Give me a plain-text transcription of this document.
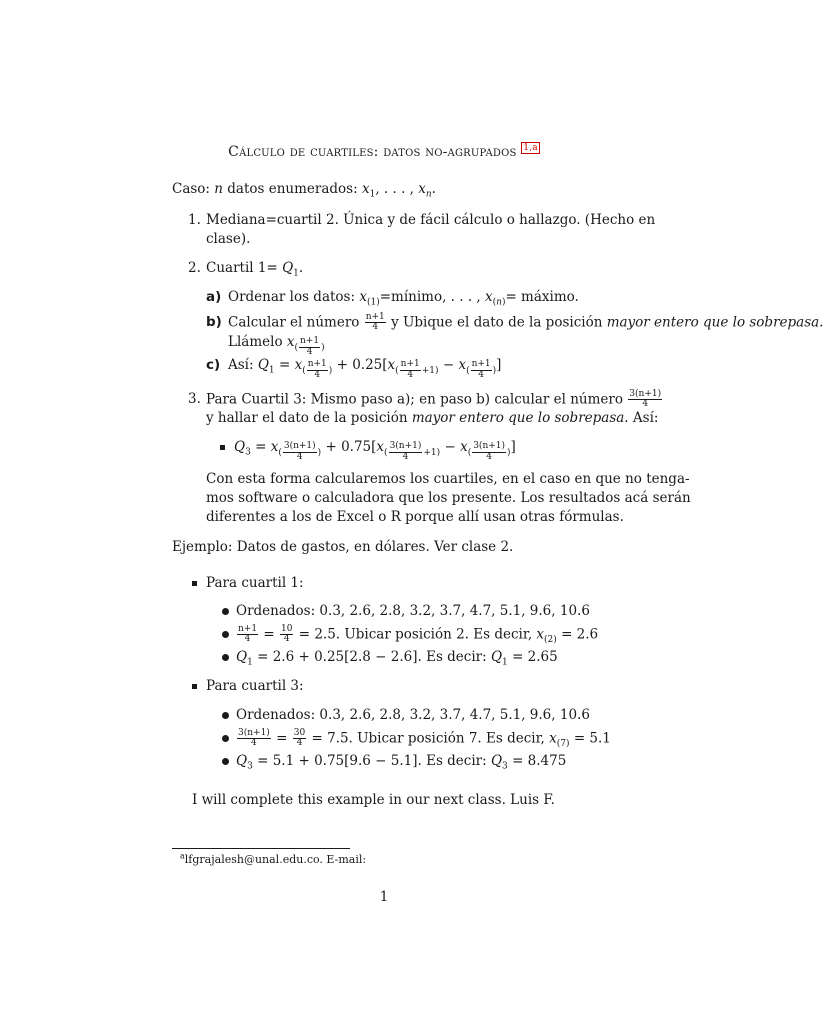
Cálculo de cuartiles: datos no-agrupados $^{1,a}$
Caso: n datos enumerados: $x_1$, . . . , $x_n$.
1. Mediana=cuartil 2. Única y de fácil cálculo o hallazgo. (Hecho en
clase).
2. Cuartil $1= Q_1$.
a) Ordenar los datos: $x_{(1)}=mínimo$, . . . , $x_{(n)}=$ máximo.
b) Calcular el número $\frac{n+1}{4}$ y Ubique el dato de la posición mayor entero que lo sobrepasa.
Llámelo $x_{( \frac{n+1}{4} )}$
c) Así: $Q_1 = x_{( \frac{n+1}{4} )} + 0.25[x_{( \frac{n+1}{4} +1)} - x_{( \frac{n+1}{4} )}]$
3. Para Cuartil 3: Mismo paso a); en paso b) calcular el número $\frac{3(n+1)}{4}$
y hallar el dato de la posición mayor entero que lo sobrepasa. Así:
$Q_3 = x_{( \frac{3(n+1)}{4} )} + 0.75[x_{( \frac{3(n+1)}{4} +1)} - x_{( \frac{3(n+1)}{4} )}]$
Con esta forma calcularemos los cuartiles, en el caso en que no tenga-
mos software o calculadora que los presente. Los resultados acá serán
diferentes a los de Excel o R porque allí usan otras fórmulas.
Ejemplo: Datos de gastos, en dólares. Ver clase 2.
Para cuartil 1:
Ordenados: 0.3, 2.6, 2.8, 3.2, 3.7, 4.7, 5.1, 9.6, 10.6
$\frac{n+1}{4} = \frac{10}{4} = 2.5$. Ubicar posición 2. Es decir, $x_{(2)} = 2.6$
$Q_1 = 2.6 + 0.25[2.8 - 2.6]$. Es decir: $Q_1 = 2.65$
Para cuartil 3:
Ordenados: 0.3, 2.6, 2.8, 3.2, 3.7, 4.7, 5.1, 9.6, 10.6
$\frac{3(n+1)}{4} = \frac{30}{4} = 7.5$. Ubicar posición 7. Es decir, $x_{(7)} = 5.1$
$Q_3 = 5.1 + 0.75[9.6 - 5.1]$. Es decir: $Q_3 = 8.475$
I will complete this example in our next class. Luis F.
$^a$lfgrajalesh@unal.edu.co. E-mail:
1
